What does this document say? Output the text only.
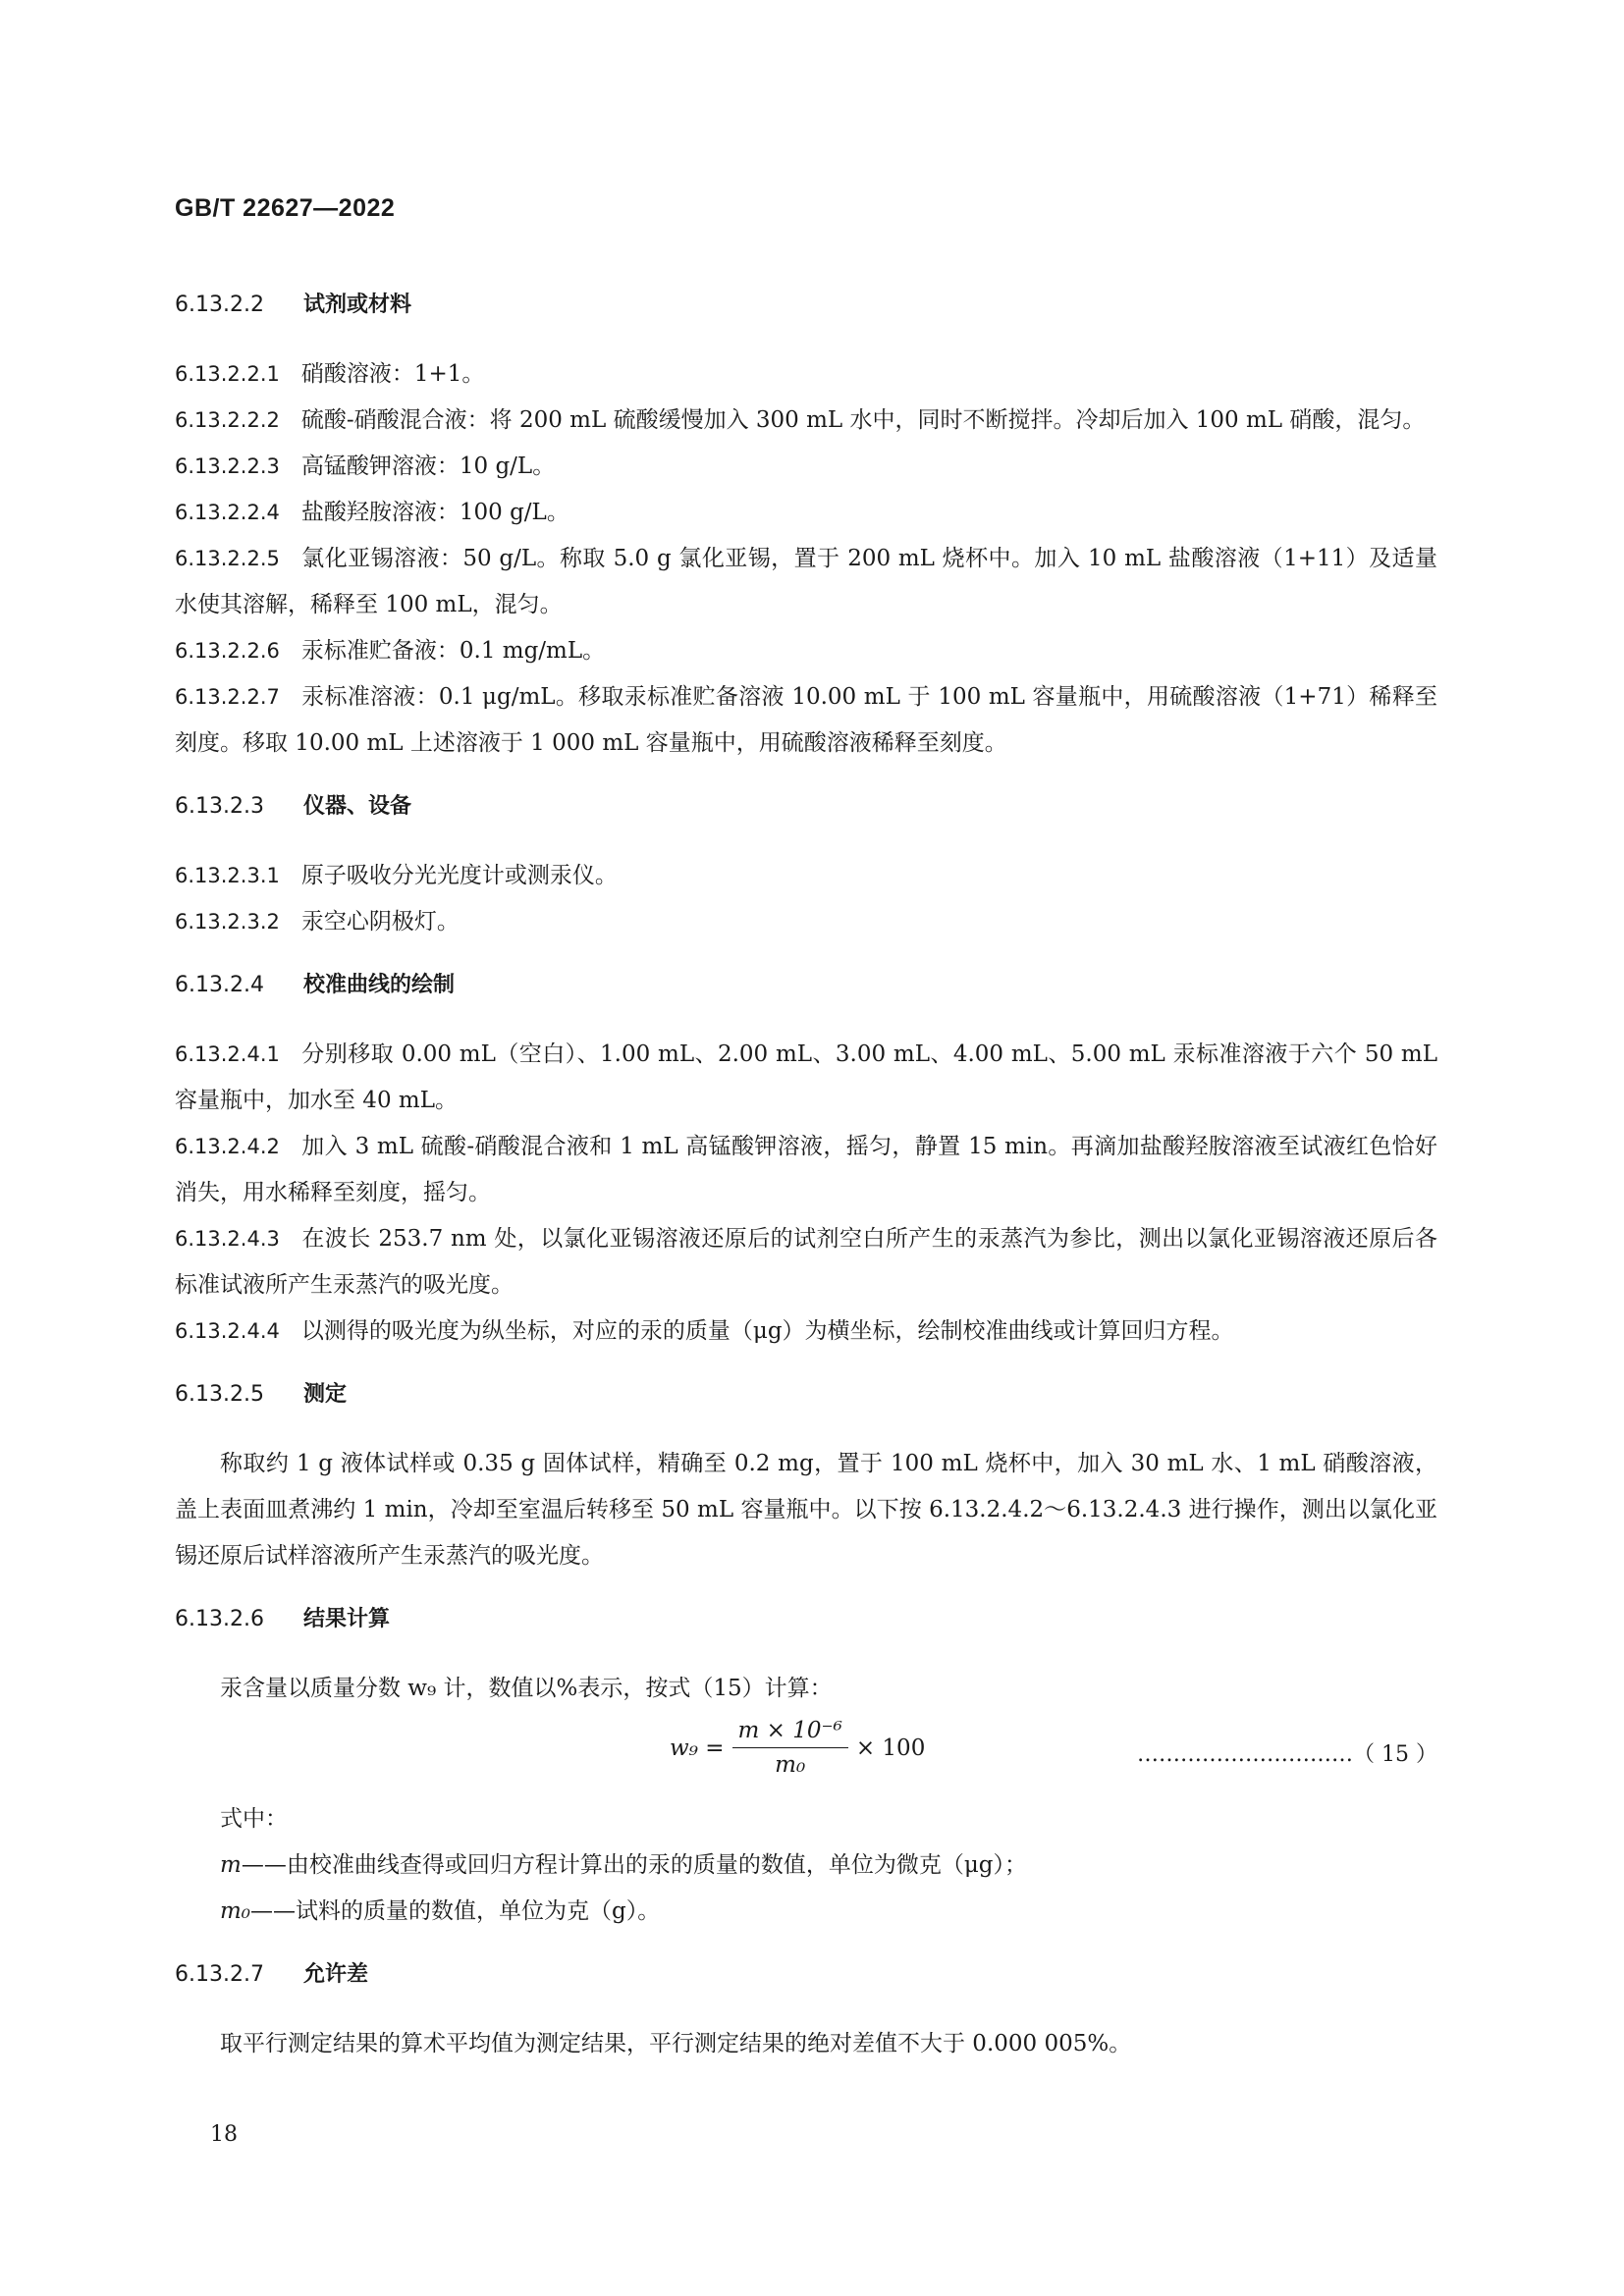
GB/T 22627—2022
6.13.2.2 试剂或材料

6.13.2.2.1 硝酸溶液：1+1。

6.13.2.2.2 硫酸-硝酸混合液：将 200 mL 硫酸缓慢加入 300 mL 水中，同时不断搅拌。冷却后加入 100 mL 硝酸，混匀。

6.13.2.2.3 高锰酸钾溶液：10 g/L。

6.13.2.2.4 盐酸羟胺溶液：100 g/L。

6.13.2.2.5 氯化亚锡溶液：50 g/L。称取 5.0 g 氯化亚锡，置于 200 mL 烧杯中。加入 10 mL 盐酸溶液（1+11）及适量水使其溶解，稀释至 100 mL，混匀。

6.13.2.2.6 汞标准贮备液：0.1 mg/mL。

6.13.2.2.7 汞标准溶液：0.1 μg/mL。移取汞标准贮备溶液 10.00 mL 于 100 mL 容量瓶中，用硫酸溶液（1+71）稀释至刻度。移取 10.00 mL 上述溶液于 1 000 mL 容量瓶中，用硫酸溶液稀释至刻度。

6.13.2.3 仪器、设备

6.13.2.3.1 原子吸收分光光度计或测汞仪。

6.13.2.3.2 汞空心阴极灯。

6.13.2.4 校准曲线的绘制

6.13.2.4.1 分别移取 0.00 mL（空白）、1.00 mL、2.00 mL、3.00 mL、4.00 mL、5.00 mL 汞标准溶液于六个 50 mL 容量瓶中，加水至 40 mL。

6.13.2.4.2 加入 3 mL 硫酸-硝酸混合液和 1 mL 高锰酸钾溶液，摇匀，静置 15 min。再滴加盐酸羟胺溶液至试液红色恰好消失，用水稀释至刻度，摇匀。

6.13.2.4.3 在波长 253.7 nm 处，以氯化亚锡溶液还原后的试剂空白所产生的汞蒸汽为参比，测出以氯化亚锡溶液还原后各标准试液所产生汞蒸汽的吸光度。

6.13.2.4.4 以测得的吸光度为纵坐标，对应的汞的质量（μg）为横坐标，绘制校准曲线或计算回归方程。

6.13.2.5 测定

称取约 1 g 液体试样或 0.35 g 固体试样，精确至 0.2 mg，置于 100 mL 烧杯中，加入 30 mL 水、1 mL 硝酸溶液，盖上表面皿煮沸约 1 min，冷却至室温后转移至 50 mL 容量瓶中。以下按 6.13.2.4.2～6.13.2.4.3 进行操作，测出以氯化亚锡还原后试样溶液所产生汞蒸汽的吸光度。

6.13.2.6 结果计算

汞含量以质量分数 w₉ 计，数值以%表示，按式（15）计算：

$w_9 = \frac{\text{m × 10⁻⁶}}{\text{m₀}} \times 100$	…………………………（ 15 ）

式中：

m——由校准曲线查得或回归方程计算出的汞的质量的数值，单位为微克（μg）；

m₀——试料的质量的数值，单位为克（g）。

6.13.2.7 允许差

取平行测定结果的算术平均值为测定结果，平行测定结果的绝对差值不大于 0.000 005%。

18
